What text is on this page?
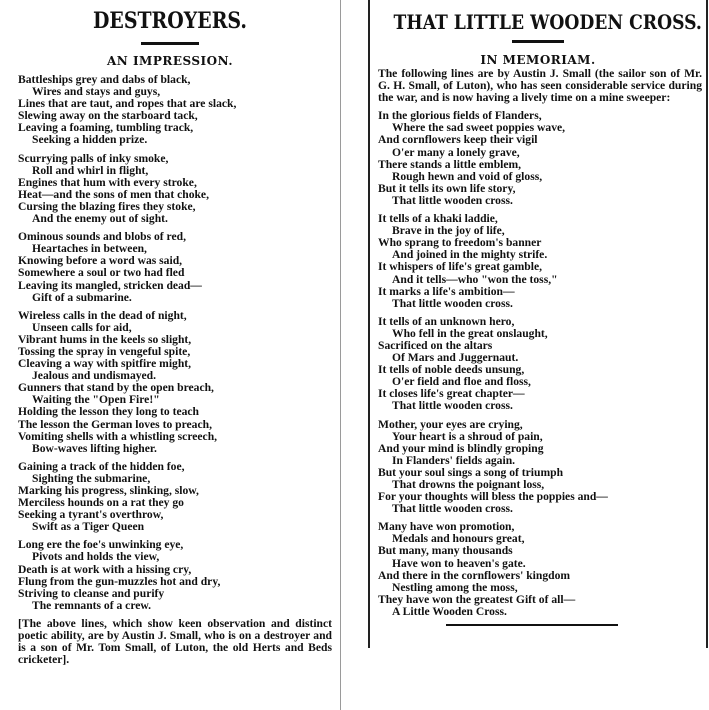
DESTROYERS.
AN IMPRESSION.
Battleships grey and dabs of black,
Wires and stays and guys,
Lines that are taut, and ropes that are slack,
Slewing away on the starboard tack,
Leaving a foaming, tumbling track,
Seeking a hidden prize.
Scurrying palls of inky smoke,
Roll and whirl in flight,
Engines that hum with every stroke,
Heat—and the sons of men that choke,
Cursing the blazing fires they stoke,
And the enemy out of sight.
Ominous sounds and blobs of red,
Heartaches in between,
Knowing before a word was said,
Somewhere a soul or two had fled
Leaving its mangled, stricken dead—
Gift of a submarine.
Wireless calls in the dead of night,
Unseen calls for aid,
Vibrant hums in the keels so slight,
Tossing the spray in vengeful spite,
Cleaving a way with spitfire might,
Jealous and undismayed.
Gunners that stand by the open breach,
Waiting the "Open Fire!"
Holding the lesson they long to teach
The lesson the German loves to preach,
Vomiting shells with a whistling screech,
Bow-waves lifting higher.
Gaining a track of the hidden foe,
Sighting the submarine,
Marking his progress, slinking, slow,
Merciless hounds on a rat they go
Seeking a tyrant's overthrow,
Swift as a Tiger Queen
Long ere the foe's unwinking eye,
Pivots and holds the view,
Death is at work with a hissing cry,
Flung from the gun-muzzles hot and dry,
Striving to cleanse and purify
The remnants of a crew.
[The above lines, which show keen observation and distinct poetic ability, are by Austin J. Small, who is on a destroyer and is a son of Mr. Tom Small, of Luton, the old Herts and Beds cricketer].
THAT LITTLE WOODEN CROSS.
IN MEMORIAM.
The following lines are by Austin J. Small (the sailor son of Mr. G. H. Small, of Luton), who has seen considerable service during the war, and is now having a lively time on a mine sweeper:
In the glorious fields of Flanders,
Where the sad sweet poppies wave,
And cornflowers keep their vigil
O'er many a lonely grave,
There stands a little emblem,
Rough hewn and void of gloss,
But it tells its own life story,
That little wooden cross.
It tells of a khaki laddie,
Brave in the joy of life,
Who sprang to freedom's banner
And joined in the mighty strife.
It whispers of life's great gamble,
And it tells—who "won the toss,"
It marks a life's ambition—
That little wooden cross.
It tells of an unknown hero,
Who fell in the great onslaught,
Sacrificed on the altars
Of Mars and Juggernaut.
It tells of noble deeds unsung,
O'er field and floe and floss,
It closes life's great chapter—
That little wooden cross.
Mother, your eyes are crying,
Your heart is a shroud of pain,
And your mind is blindly groping
In Flanders' fields again.
But your soul sings a song of triumph
That drowns the poignant loss,
For your thoughts will bless the poppies and—
That little wooden cross.
Many have won promotion,
Medals and honours great,
But many, many thousands
Have won to heaven's gate.
And there in the cornflowers' kingdom
Nestling among the moss,
They have won the greatest Gift of all—
A Little Wooden Cross.
